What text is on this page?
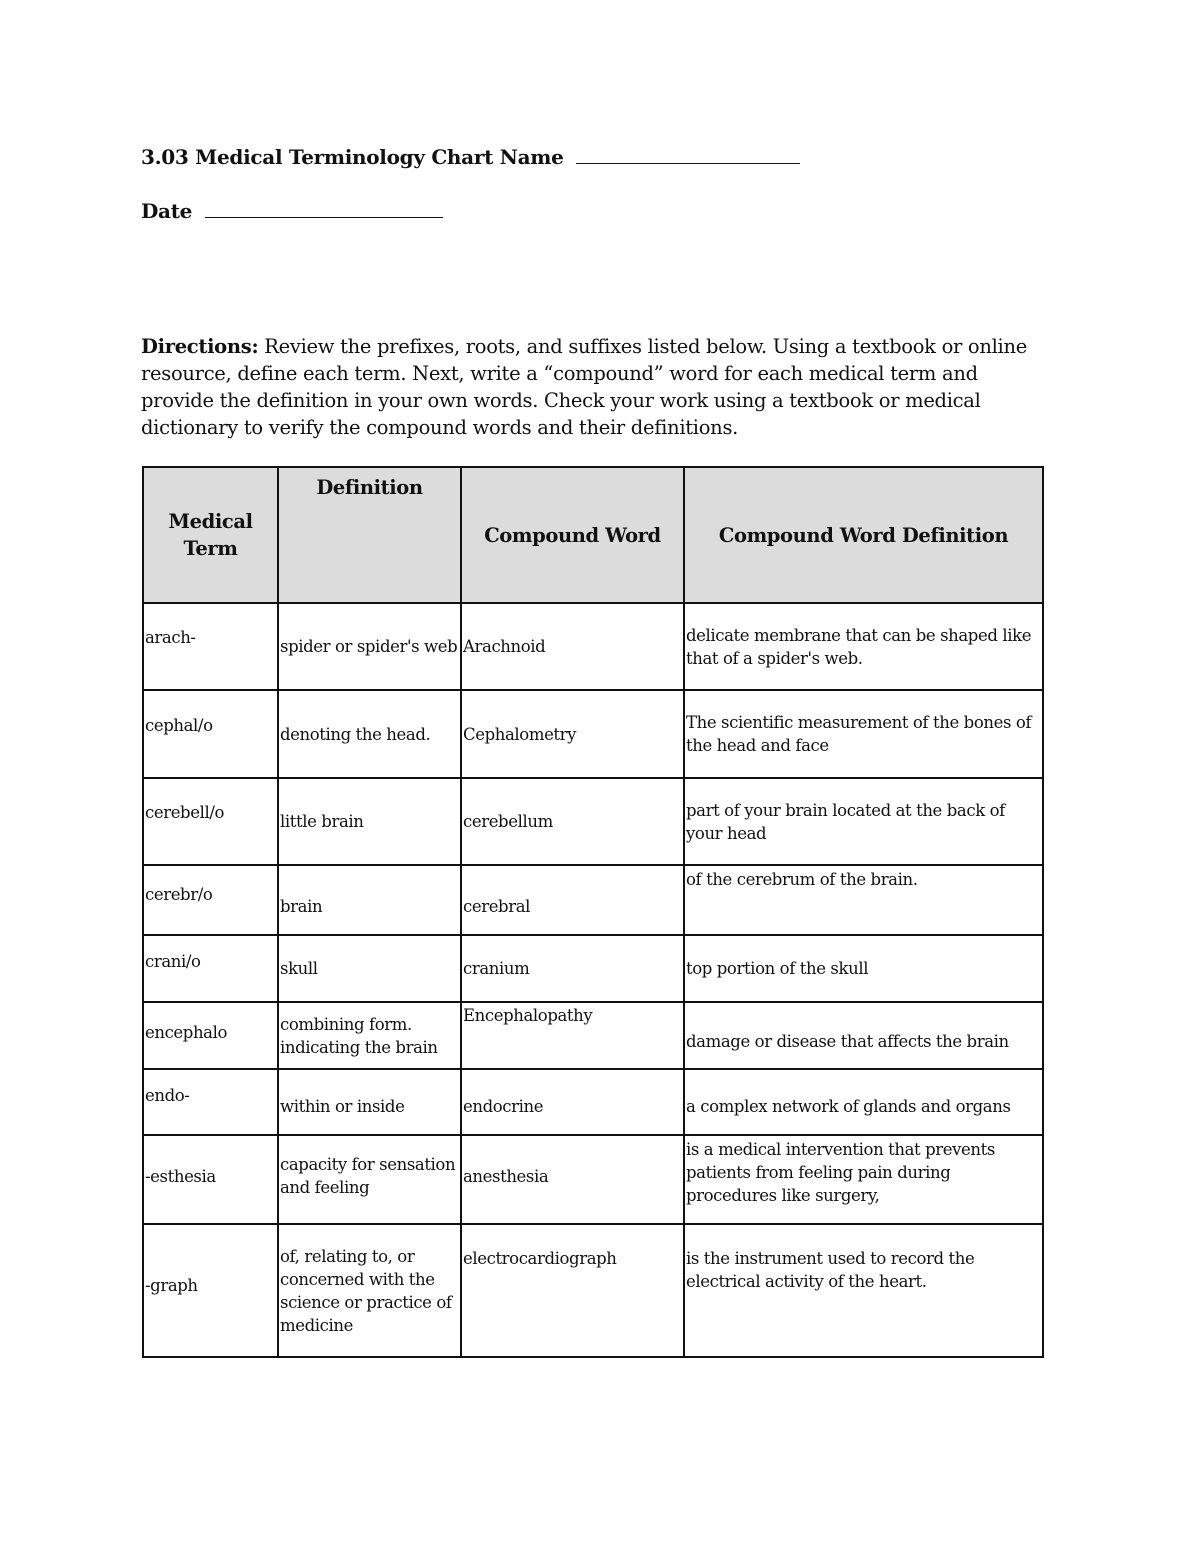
3.03 Medical Terminology Chart Name
Date
Directions: Review the prefixes, roots, and suffixes listed below. Using a textbook or online resource, define each term. Next, write a “compound” word for each medical term and provide the definition in your own words. Check your work using a textbook or medical dictionary to verify the compound words and their definitions.
Medical Term	Definition	Compound Word	Compound Word Definition

arach-	spider or spider's web	Arachnoid	delicate membrane that can be shaped like that of a spider's web.

cephal/o	denoting the head.	Cephalometry	The scientific measurement of the bones of the head and face

cerebell/o	little brain	cerebellum	part of your brain located at the back of your head

cerebr/o	brain	cerebral	of the cerebrum of the brain.

crani/o	skull	cranium	top portion of the skull

encephalo	combining form. indicating the brain	Encephalopathy	damage or disease that affects the brain

endo-	within or inside	endocrine	a complex network of glands and organs

-esthesia	capacity for sensation and feeling	anesthesia	is a medical intervention that prevents patients from feeling pain during procedures like surgery,

-graph	of, relating to, or concerned with the science or practice of medicine	electrocardiograph	is the instrument used to record the electrical activity of the heart.
